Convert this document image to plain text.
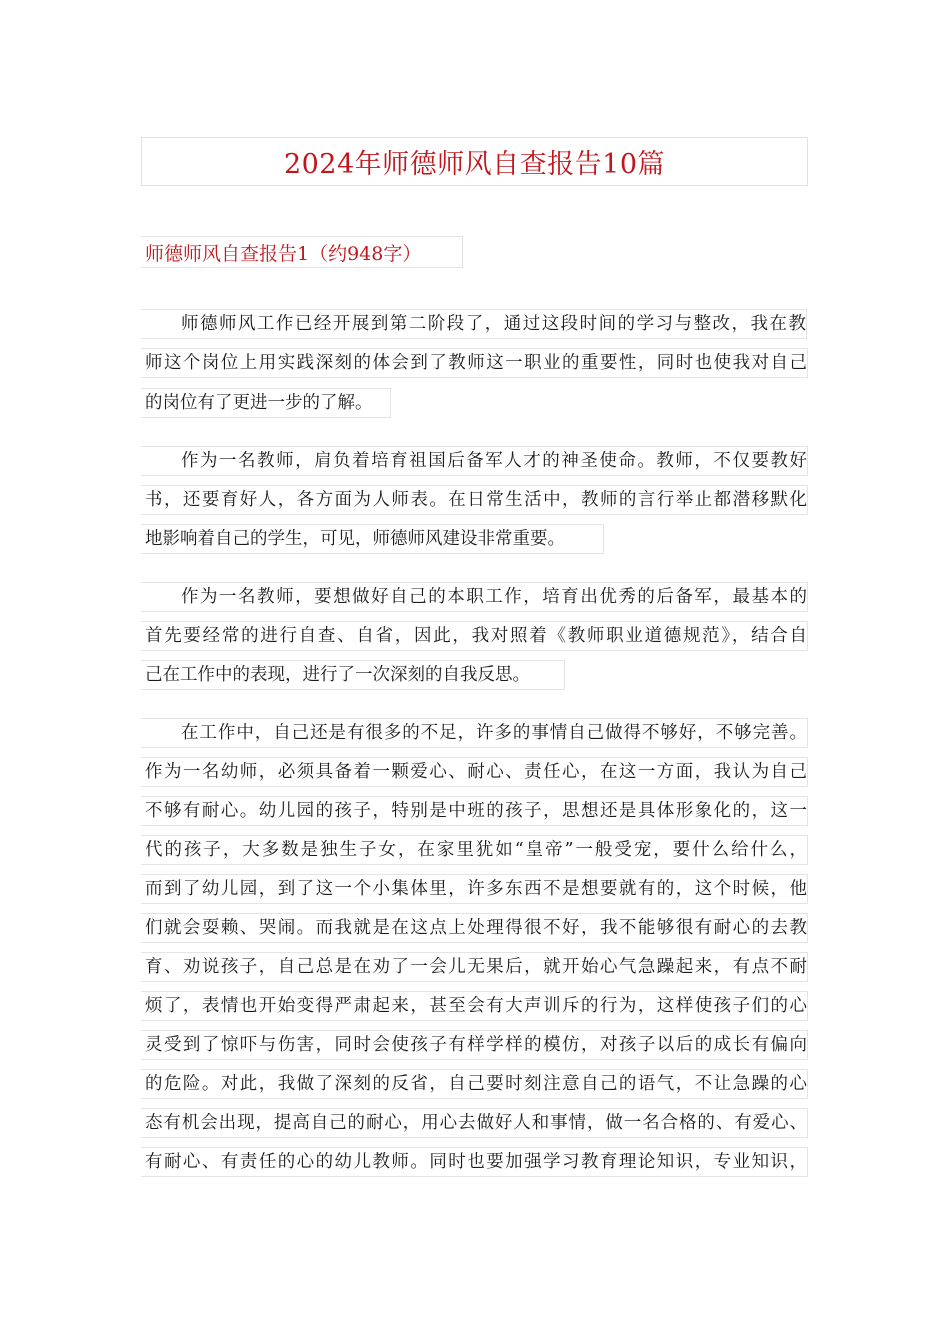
2024年师德师风自查报告10篇
师德师风自查报告1（约948字）
师德师风工作已经开展到第二阶段了，通过这段时间的学习与整改，我在教
师这个岗位上用实践深刻的体会到了教师这一职业的重要性，同时也使我对自己
的岗位有了更进一步的了解。
作为一名教师，肩负着培育祖国后备军人才的神圣使命。教师，不仅要教好
书，还要育好人，各方面为人师表。在日常生活中，教师的言行举止都潜移默化
地影响着自己的学生，可见，师德师风建设非常重要。
作为一名教师，要想做好自己的本职工作，培育出优秀的后备军，最基本的
首先要经常的进行自查、自省，因此，我对照着《教师职业道德规范》，结合自
己在工作中的表现，进行了一次深刻的自我反思。
在工作中，自己还是有很多的不足，许多的事情自己做得不够好，不够完善。
作为一名幼师，必须具备着一颗爱心、耐心、责任心，在这一方面，我认为自己
不够有耐心。幼儿园的孩子，特别是中班的孩子，思想还是具体形象化的，这一
代的孩子，大多数是独生子女，在家里犹如“皇帝”一般受宠，要什么给什么，
而到了幼儿园，到了这一个小集体里，许多东西不是想要就有的，这个时候，他
们就会耍赖、哭闹。而我就是在这点上处理得很不好，我不能够很有耐心的去教
育、劝说孩子，自己总是在劝了一会儿无果后，就开始心气急躁起来，有点不耐
烦了，表情也开始变得严肃起来，甚至会有大声训斥的行为，这样使孩子们的心
灵受到了惊吓与伤害，同时会使孩子有样学样的模仿，对孩子以后的成长有偏向
的危险。对此，我做了深刻的反省，自己要时刻注意自己的语气，不让急躁的心
态有机会出现，提高自己的耐心，用心去做好人和事情，做一名合格的、有爱心、
有耐心、有责任的心的幼儿教师。同时也要加强学习教育理论知识，专业知识，
